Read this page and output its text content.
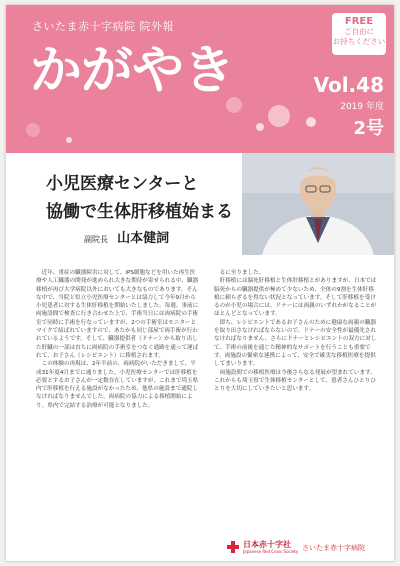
さいたま赤十字病院 院外報
かがやき
FREE
ご自由に
お持ちください
Vol.48
2019 年度
2号
小児医療センターと
協働で生体肝移植始まる
副院長 山本健詞

近年、重症の臓器障害に対して、iPS細胞などを用いた再生医療や人工臓器の開発が進められ大きな期待が寄せられる中、臓器移植が再び大学病院以外においても大きなものであります。そんな中で、当院と県立小児医療センターとは協力して今年9月から小児患者に対する生体肝移植を開始いたしました。毎週、事前に両施設間で検査に行き合わせた上で、手術当日には両病院の手術室で同時に手術を行なっていますが、2つの手術室はモニターとマイクで結ばれていますので、あたかも同じ部屋で両手術が行われているようです。そして、臓器提供者（ドナー）から取り出した肝臓の一部は直ちに両病院の手術室をつなぐ通路を通って運ばれて、お子さん（レシピエント）に移植されます。

この体験の再現は、2年半前の、両病院がいただきまして、平成31年度4月までに通りました。小児医療センターでは肝移植を必要とするお子さんが一定数存在していますが、これまで埼玉県内で肝移植を行える施設がなかったため、他県の施設まで通院しなければなりませんでした。両病院の協力による移植開始により、県内で完結する治療が可能となりました。

るに至りました。

肝移植には脳死肝移植と生体肝移植とがありますが、日本では脳死からの臓器提供が極めて少ないため、全体の9割を生体肝移植に頼らざるを得ない状況となっています。そして肝移植を受けるのが小児の場合には、ドナーには両親のいずれかがなることがほとんどとなっています。

即ち、レシピエントであるお子さんのために健康な両親の臓器を取り出さなければならないので、ドナーの安全性が最優先されなければなりません。さらにドナーとレシピエントの双方に対して、手術の前後を通じた精神的なサポートを行うことも重要です。両施設の緊密な連携によって、安全で確実な移植医療を提供してまいります。

両施設間での移植医療は今後さらなる発展が望まれています。これからも埼玉県で生体移植センターとして、患者さんひとりひとりを大切にしていきたいと思います。

日本赤十字社
Japanese Red Cross Society さいたま赤十字病院
